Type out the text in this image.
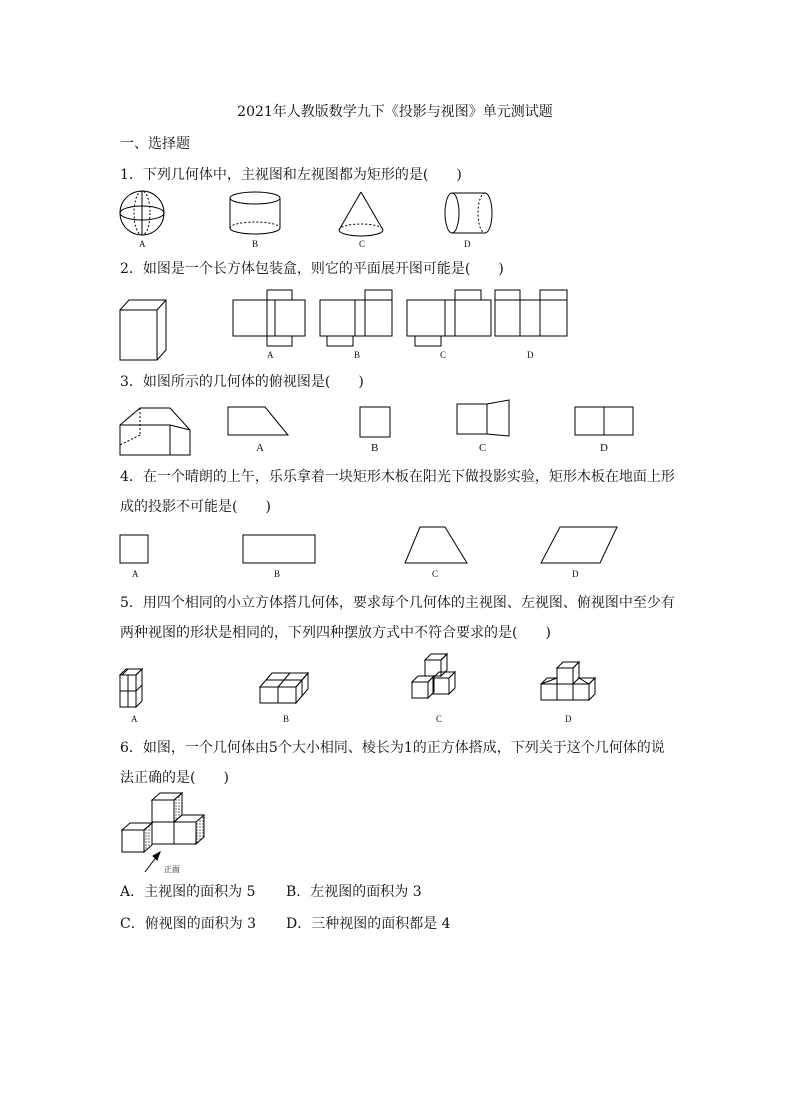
2021年人教版数学九下《投影与视图》单元测试题
一、选择题
1．下列几何体中，主视图和左视图都为矩形的是(　　)
A	B	C	D
2．如图是一个长方体包装盒，则它的平面展开图可能是(　　)
A	B	C	D
3．如图所示的几何体的俯视图是(　　)
A	B	C	D
4．在一个晴朗的上午，乐乐拿着一块矩形木板在阳光下做投影实验，矩形木板在地面上形
成的投影不可能是(　　)
A	B	C	D
5．用四个相同的小立方体搭几何体，要求每个几何体的主视图、左视图、俯视图中至少有
两种视图的形状是相同的，下列四种摆放方式中不符合要求的是(　　)
A	B	C	D
6．如图，一个几何体由5个大小相同、棱长为1的正方体搭成，下列关于这个几何体的说
法正确的是(　　)
正面
A．主视图的面积为 5 B．左视图的面积为 3
C．俯视图的面积为 3 D．三种视图的面积都是 4
